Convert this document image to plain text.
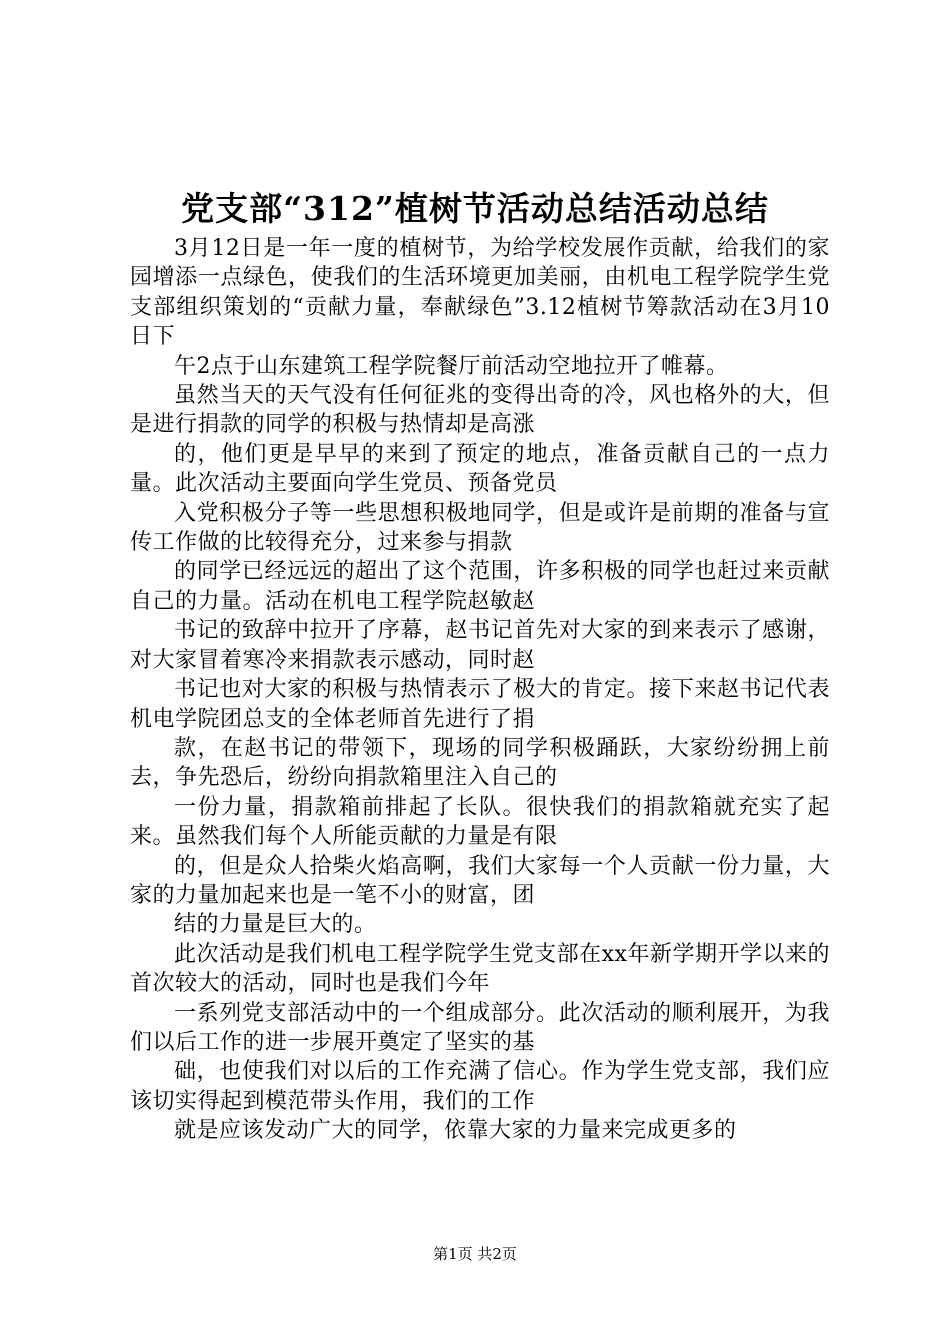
党支部“312”植树节活动总结活动总结

3月12日是一年一度的植树节，为给学校发展作贡献，给我们的家园增添一点绿色，使我们的生活环境更加美丽，由机电工程学院学生党支部组织策划的“贡献力量，奉献绿色”3.12植树节筹款活动在3月10日下

午2点于山东建筑工程学院餐厅前活动空地拉开了帷幕。

虽然当天的天气没有任何征兆的变得出奇的冷，风也格外的大，但是进行捐款的同学的积极与热情却是高涨

的，他们更是早早的来到了预定的地点，准备贡献自己的一点力量。此次活动主要面向学生党员、预备党员

入党积极分子等一些思想积极地同学，但是或许是前期的准备与宣传工作做的比较得充分，过来参与捐款

的同学已经远远的超出了这个范围，许多积极的同学也赶过来贡献自己的力量。活动在机电工程学院赵敏赵

书记的致辞中拉开了序幕，赵书记首先对大家的到来表示了感谢，对大家冒着寒冷来捐款表示感动，同时赵

书记也对大家的积极与热情表示了极大的肯定。接下来赵书记代表机电学院团总支的全体老师首先进行了捐

款，在赵书记的带领下，现场的同学积极踊跃，大家纷纷拥上前去，争先恐后，纷纷向捐款箱里注入自己的

一份力量，捐款箱前排起了长队。很快我们的捐款箱就充实了起来。虽然我们每个人所能贡献的力量是有限

的，但是众人拾柴火焰高啊，我们大家每一个人贡献一份力量，大家的力量加起来也是一笔不小的财富，团

结的力量是巨大的。

此次活动是我们机电工程学院学生党支部在xx年新学期开学以来的首次较大的活动，同时也是我们今年

一系列党支部活动中的一个组成部分。此次活动的顺利展开，为我们以后工作的进一步展开奠定了坚实的基

础，也使我们对以后的工作充满了信心。作为学生党支部，我们应该切实得起到模范带头作用，我们的工作

就是应该发动广大的同学，依靠大家的力量来完成更多的

第1页 共2页
